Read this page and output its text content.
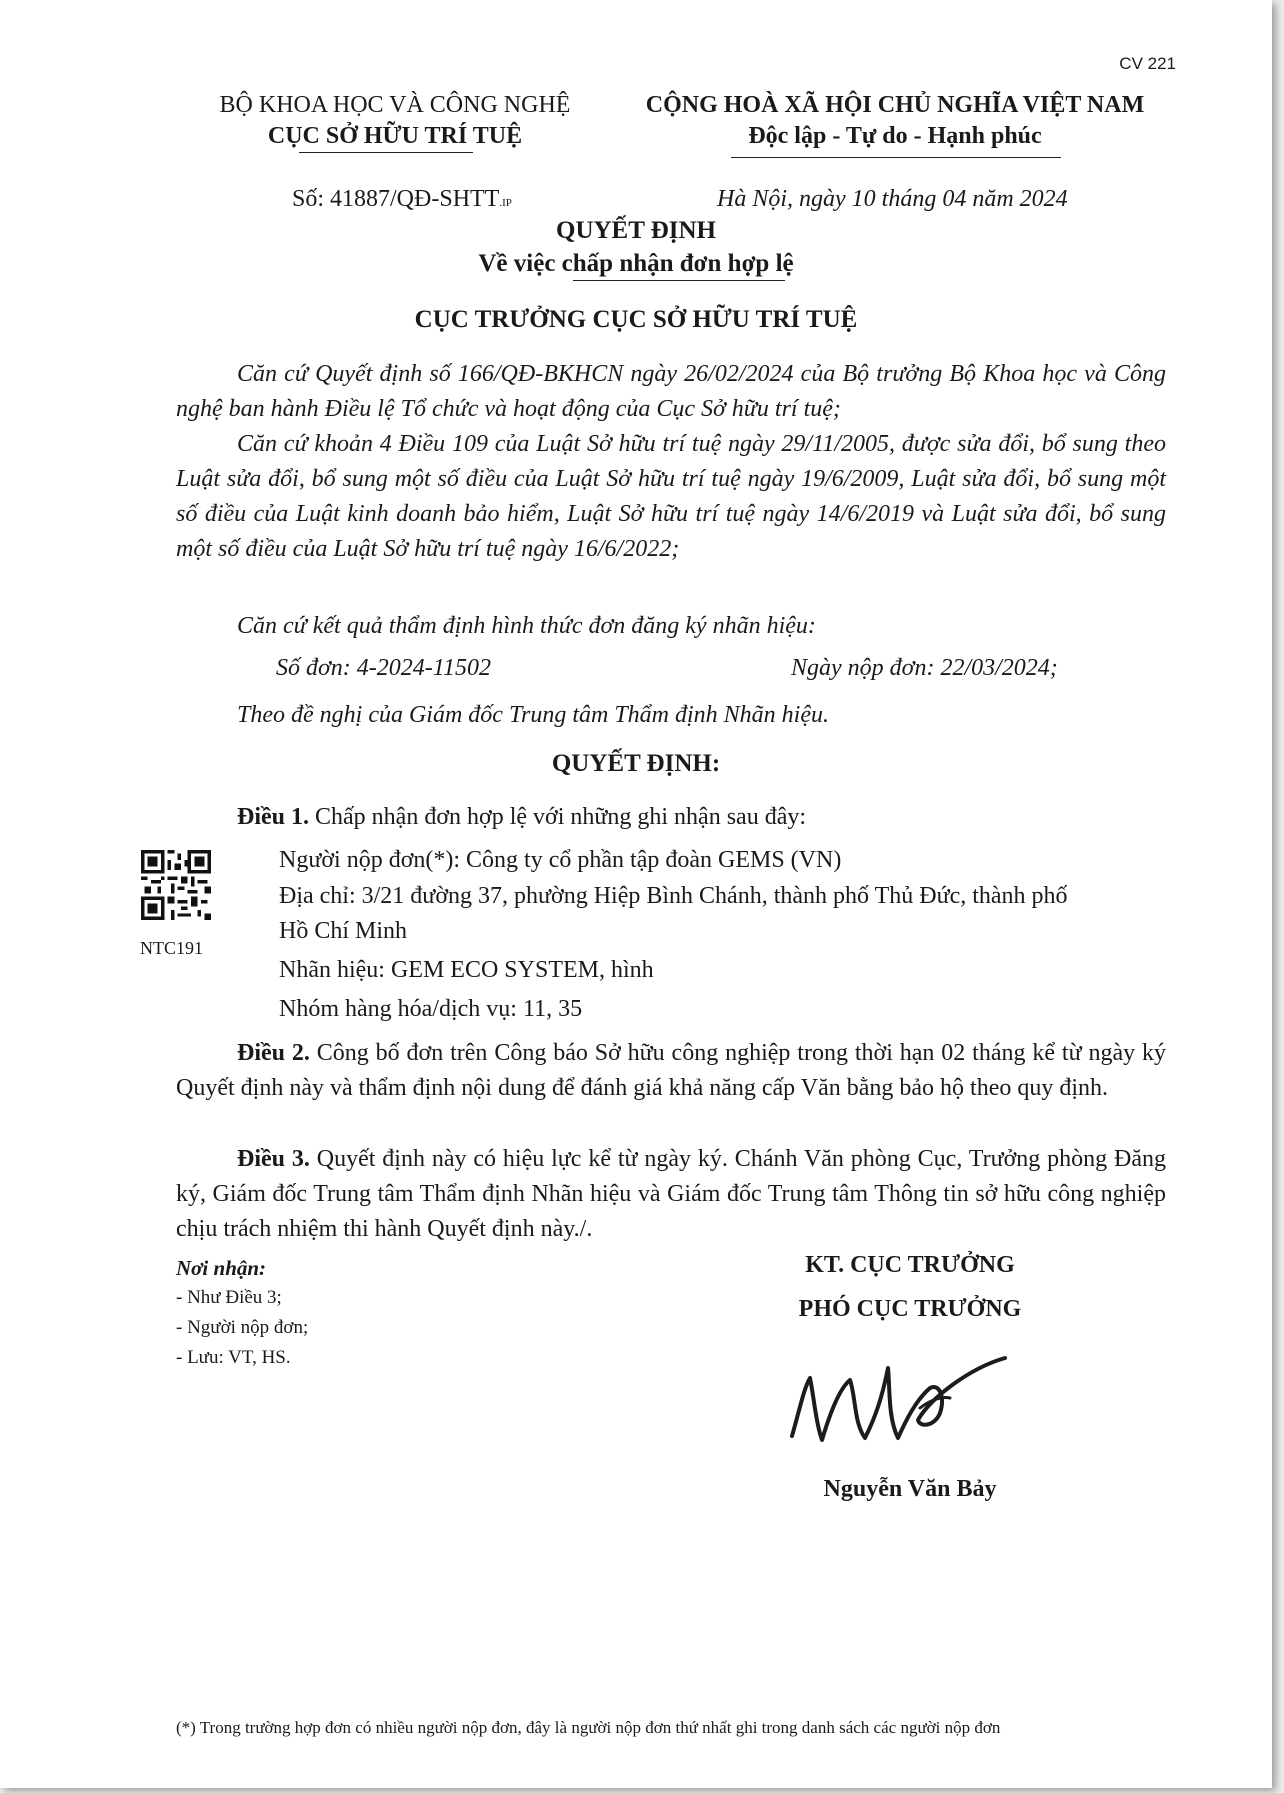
CV 221
BỘ KHOA HỌC VÀ CÔNG NGHỆ
CỤC SỞ HỮU TRÍ TUỆ
CỘNG HOÀ XÃ HỘI CHỦ NGHĨA VIỆT NAM
Độc lập - Tự do - Hạnh phúc
Số: 41887/QĐ-SHTT.IP	Hà Nội, ngày 10 tháng 04 năm 2024
QUYẾT ĐỊNH
Về việc chấp nhận đơn hợp lệ
CỤC TRƯỞNG CỤC SỞ HỮU TRÍ TUỆ
Căn cứ Quyết định số 166/QĐ-BKHCN ngày 26/02/2024 của Bộ trưởng Bộ Khoa học và Công nghệ ban hành Điều lệ Tổ chức và hoạt động của Cục Sở hữu trí tuệ;
Căn cứ khoản 4 Điều 109 của Luật Sở hữu trí tuệ ngày 29/11/2005, được sửa đổi, bổ sung theo Luật sửa đổi, bổ sung một số điều của Luật Sở hữu trí tuệ ngày 19/6/2009, Luật sửa đổi, bổ sung một số điều của Luật kinh doanh bảo hiểm, Luật Sở hữu trí tuệ ngày 14/6/2019 và Luật sửa đổi, bổ sung một số điều của Luật Sở hữu trí tuệ ngày 16/6/2022;
Căn cứ kết quả thẩm định hình thức đơn đăng ký nhãn hiệu:
Số đơn: 4-2024-11502	Ngày nộp đơn: 22/03/2024;
Theo đề nghị của Giám đốc Trung tâm Thẩm định Nhãn hiệu.
QUYẾT ĐỊNH:
Điều 1. Chấp nhận đơn hợp lệ với những ghi nhận sau đây:
Người nộp đơn(*): Công ty cổ phần tập đoàn GEMS (VN)
Địa chỉ: 3/21 đường 37, phường Hiệp Bình Chánh, thành phố Thủ Đức, thành phố
Hồ Chí Minh
Nhãn hiệu: GEM ECO SYSTEM, hình
Nhóm hàng hóa/dịch vụ: 11, 35
NTC191
Điều 2. Công bố đơn trên Công báo Sở hữu công nghiệp trong thời hạn 02 tháng kể từ ngày ký Quyết định này và thẩm định nội dung để đánh giá khả năng cấp Văn bằng bảo hộ theo quy định.
Điều 3. Quyết định này có hiệu lực kể từ ngày ký. Chánh Văn phòng Cục, Trưởng phòng Đăng ký, Giám đốc Trung tâm Thẩm định Nhãn hiệu và Giám đốc Trung tâm Thông tin sở hữu công nghiệp chịu trách nhiệm thi hành Quyết định này./.
Nơi nhận:
- Như Điều 3;
- Người nộp đơn;
- Lưu: VT, HS.
KT. CỤC TRƯỞNG
PHÓ CỤC TRƯỞNG
Nguyễn Văn Bảy
(*) Trong trường hợp đơn có nhiều người nộp đơn, đây là người nộp đơn thứ nhất ghi trong danh sách các người nộp đơn
